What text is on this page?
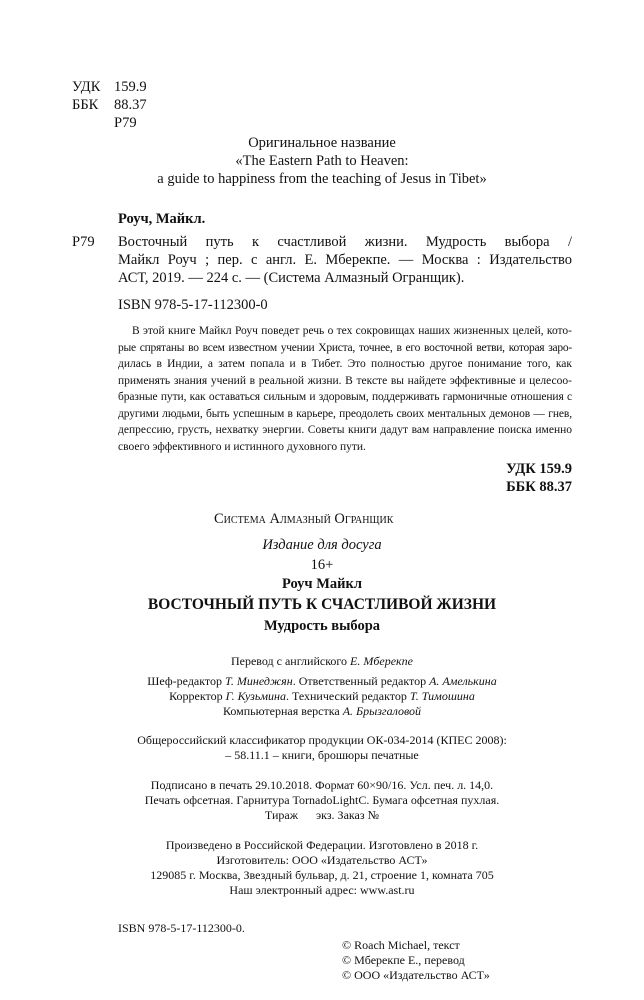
УДК 159.9
ББК 88.37
Р79
Оригинальное название
«The Eastern Path to Heaven:
a guide to happiness from the teaching of Jesus in Tibet»
Роуч, Майкл.
Р79 Восточный путь к счастливой жизни. Мудрость выбора /
Майкл Роуч ; пер. с англ. Е. Мберекпе. — Москва : Издательство
АСТ, 2019. — 224 с. — (Система Алмазный Огранщик).
ISBN 978-5-17-112300-0
В этой книге Майкл Роуч поведет речь о тех сокровищах наших жизненных целей, кото-
рые спрятаны во всем известном учении Христа, точнее, в его восточной ветви, которая заро-
дилась в Индии, а затем попала и в Тибет. Это полностью другое понимание того, как
применять знания учений в реальной жизни. В тексте вы найдете эффективные и целесоо-
бразные пути, как оставаться сильным и здоровым, поддерживать гармоничные отношения с
другими людьми, быть успешным в карьере, преодолеть своих ментальных демонов — гнев,
депрессию, грусть, нехватку энергии. Советы книги дадут вам направление поиска именно
своего эффективного и истинного духовного пути.
УДК 159.9
ББК 88.37
Система Алмазный Огранщик
Издание для досуга
16+
Роуч Майкл
ВОСТОЧНЫЙ ПУТЬ К СЧАСТЛИВОЙ ЖИЗНИ
Мудрость выбора
Перевод с английского Е. Мберекпе
Шеф-редактор Т. Минеджян. Ответственный редактор А. Амелькина
Корректор Г. Кузьмина. Технический редактор Т. Тимошина
Компьютерная верстка А. Брызгаловой
Общероссийский классификатор продукции ОК-034-2014 (КПЕС 2008):
– 58.11.1 – книги, брошюры печатные
Подписано в печать 29.10.2018. Формат 60×90/16. Усл. печ. л. 14,0.
Печать офсетная. Гарнитура TornadoLightC. Бумага офсетная пухлая.
Тираж      экз. Заказ №
Произведено в Российской Федерации. Изготовлено в 2018 г.
Изготовитель: ООО «Издательство АСТ»
129085 г. Москва, Звездный бульвар, д. 21, строение 1, комната 705
Наш электронный адрес: www.ast.ru
ISBN 978-5-17-112300-0.
© Roach Michael, текст
© Мберекпе Е., перевод
© ООО «Издательство АСТ»
